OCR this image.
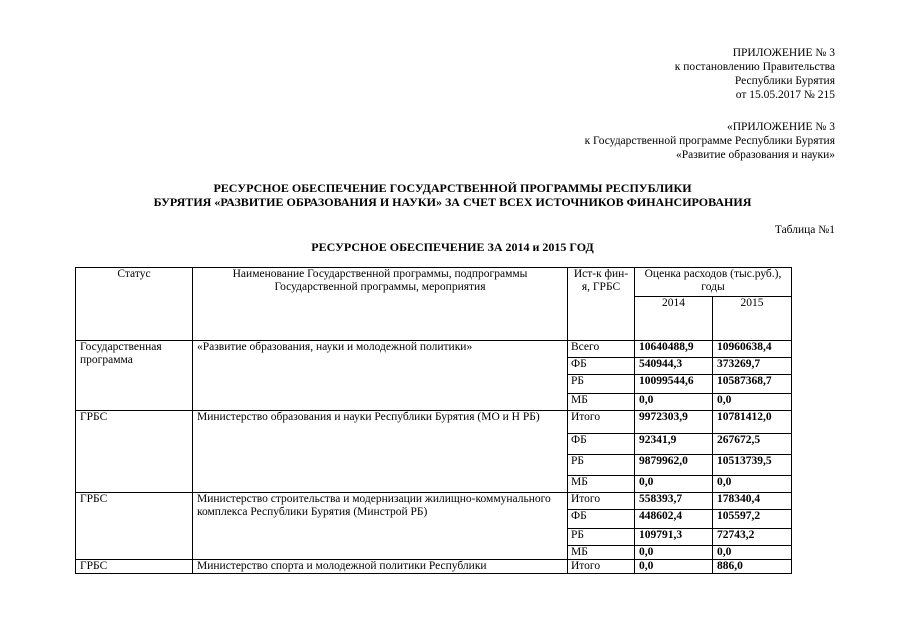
ПРИЛОЖЕНИЕ № 3
к постановлению Правительства
Республики Бурятия
от 15.05.2017 № 215
«ПРИЛОЖЕНИЕ № 3
к Государственной программе Республики Бурятия
«Развитие образования и науки»
РЕСУРСНОЕ ОБЕСПЕЧЕНИЕ ГОСУДАРСТВЕННОЙ ПРОГРАММЫ РЕСПУБЛИКИ
БУРЯТИЯ «РАЗВИТИЕ ОБРАЗОВАНИЯ И НАУКИ» ЗА СЧЕТ ВСЕХ ИСТОЧНИКОВ ФИНАНСИРОВАНИЯ
Таблица №1
РЕСУРСНОЕ ОБЕСПЕЧЕНИЕ ЗА 2014 и 2015 ГОД
Статус	Наименование Государственной программы, подпрограммы Государственной программы, мероприятия	Ист-к фин-я, ГРБС	Оценка расходов (тыс.руб.), годы	
			2014	2015
Государственная программа	«Развитие образования, науки и молодежной политики»	Всего	10640488,9	10960638,4
		ФБ	540944,3	373269,7
		РБ	10099544,6	10587368,7
		МБ	0,0	0,0
ГРБС	Министерство образования и науки Республики Бурятия (МО и Н РБ)	Итого	9972303,9	10781412,0
		ФБ	92341,9	267672,5
		РБ	9879962,0	10513739,5
		МБ	0,0	0,0
ГРБС	Министерство строительства и модернизации жилищно-коммунального комплекса Республики Бурятия (Минстрой РБ)	Итого	558393,7	178340,4
		ФБ	448602,4	105597,2
		РБ	109791,3	72743,2
		МБ	0,0	0,0
ГРБС	Министерство спорта и молодежной политики Республики	Итого	0,0	886,0
